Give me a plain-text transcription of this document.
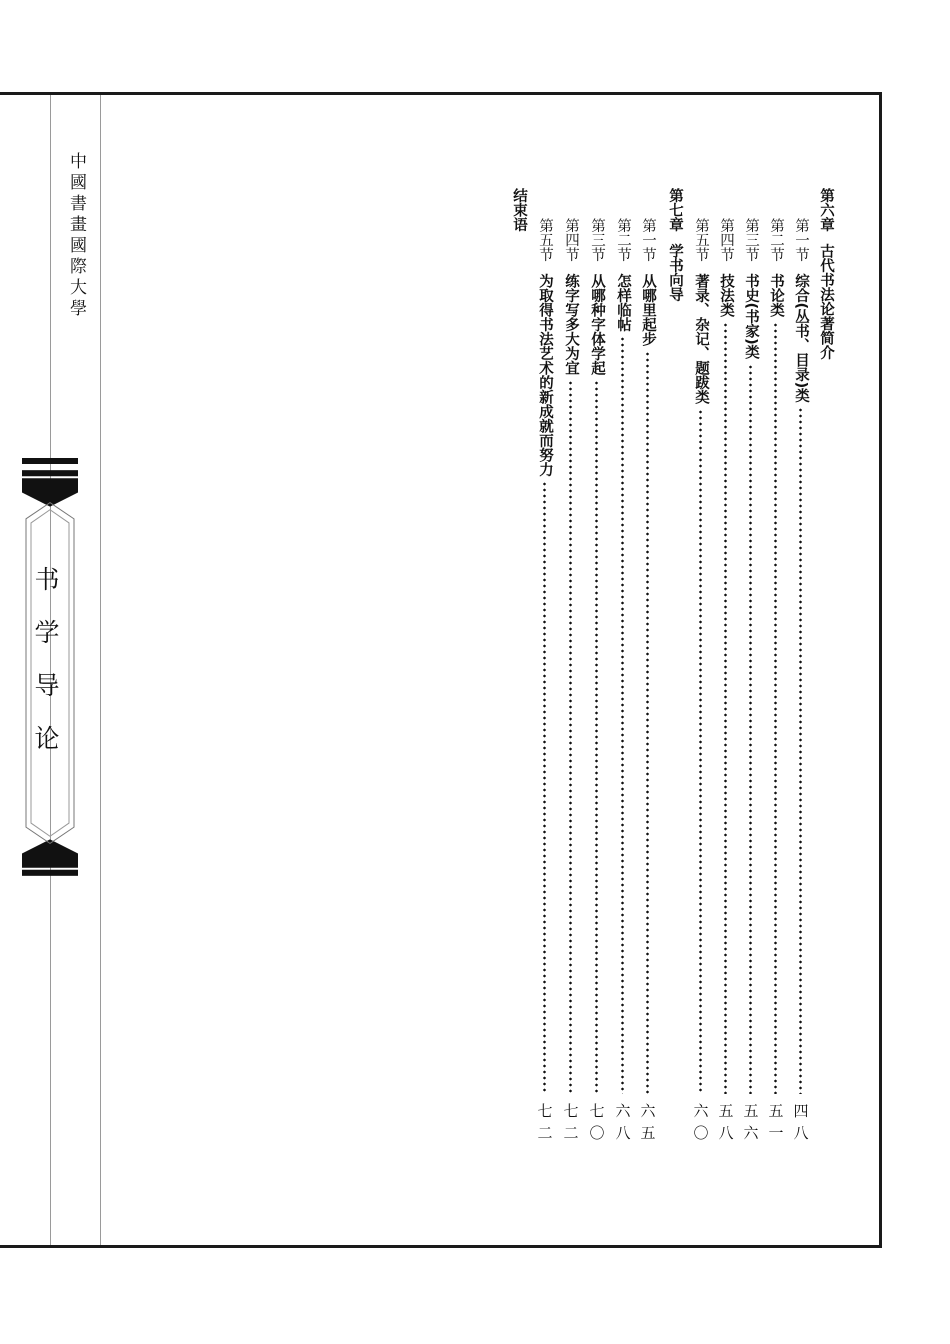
中國書畫國際大學
书学导论
第六章古代书法论著简介
第一节综合(丛书、目录)类
四
八
第二节书论类
五
一
第三节书史(书家)类
五
六
第四节技法类
五
八
第五节著录、杂记、题跋类
六
〇
第七章学书向导
第一节从哪里起步
六
五
第二节怎样临帖
六
八
第三节从哪种字体学起
七
〇
第四节练字写多大为宜
七
二
第五节为取得书法艺术的新成就而努力
七
二
结束语
